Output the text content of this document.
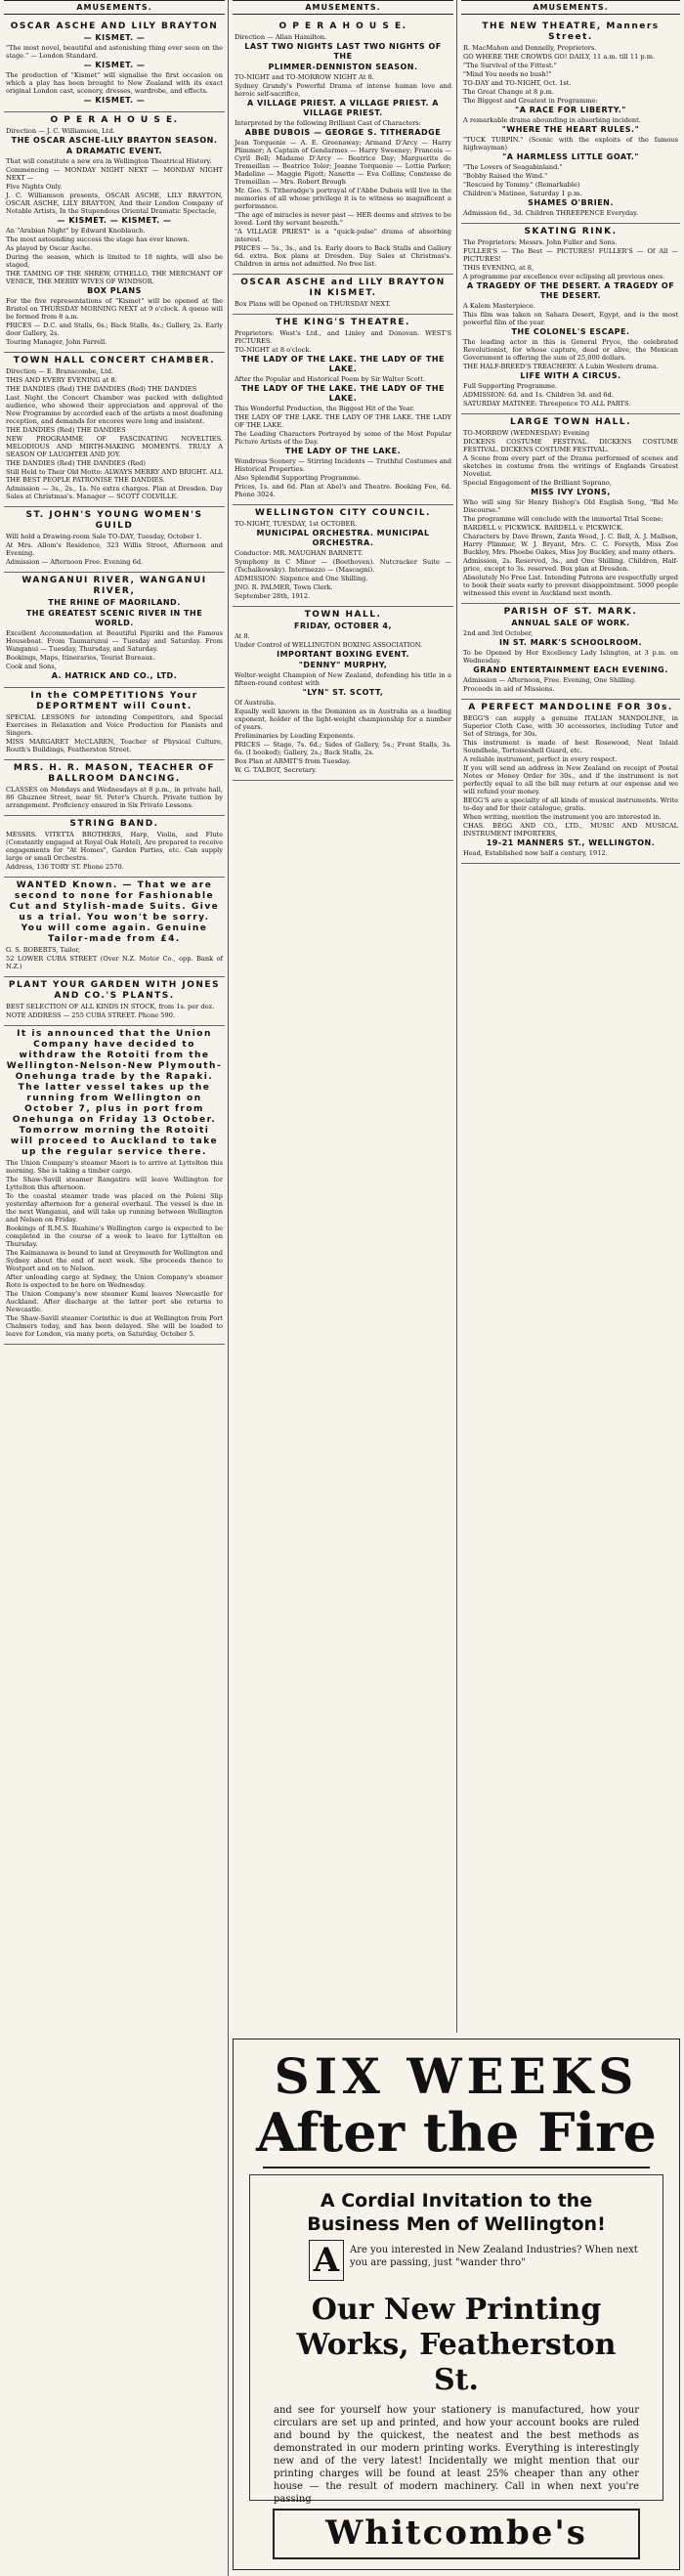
AMUSEMENTS.

OSCAR ASCHE AND LILY BRAYTON

— KISMET. —

"The most novel, beautiful and astonishing thing ever seen on the stage." — London Standard.

— KISMET. —

The production of "Kismet" will signalise the first occasion on which a play has been brought to New Zealand with its exact original London cast, scenery, dresses, wardrobe, and effects.

— KISMET. —

O P E R A H O U S E.

Direction — J. C. Williamson, Ltd.

THE OSCAR ASCHE-LILY BRAYTON SEASON.

A DRAMATIC EVENT.

That will constitute a new era in Wellington Theatrical History.

Commencing — MONDAY NIGHT NEXT — MONDAY NIGHT NEXT —

Five Nights Only.

J. C. Williamson presents, OSCAR ASCHE, LILY BRAYTON, OSCAR ASCHE, LILY BRAYTON, And their London Company of Notable Artists, In the Stupendous Oriental Dramatic Spectacle,

— KISMET. — KISMET. —

An "Arabian Night" by Edward Knoblauch.

The most astounding success the stage has ever known.

As played by Oscar Asche.

During the season, which is limited to 18 nights, will also be staged,

THE TAMING OF THE SHREW, OTHELLO, THE MERCHANT OF VENICE, THE MERRY WIVES OF WINDSOR.

BOX PLANS

For the five representations of "Kismet" will be opened at the Bristol on THURSDAY MORNING NEXT at 9 o'clock. A queue will be formed from 8 a.m.

PRICES — D.C. and Stalls, 6s.; Back Stalls, 4s.; Gallery, 2s. Early door Gallery, 2s.

Touring Manager, John Farrell.

TOWN HALL CONCERT CHAMBER.

Direction — E. Branscombe, Ltd.

THIS AND EVERY EVENING at 8.

THE DANDIES (Red) THE DANDIES (Red) THE DANDIES

Last Night the Concert Chamber was packed with delighted audience, who showed their appreciation and approval of the New Programme by accorded each of the artists a most deafening reception, and demands for encores were long and insistent.

THE DANDIES (Red) THE DANDIES

NEW PROGRAMME OF FASCINATING NOVELTIES. MELODIOUS AND MIRTH-MAKING MOMENTS. TRULY A SEASON OF LAUGHTER AND JOY.

THE DANDIES (Red) THE DANDIES (Red)

Still Held to Their Old Motto: ALWAYS MERRY AND BRIGHT. ALL THE BEST PEOPLE PATRONISE THE DANDIES.

Admission — 3s., 2s., 1s. No extra charges. Plan at Dresden. Day Sales at Christmas's. Manager — SCOTT COLVILLE.

ST. JOHN'S YOUNG WOMEN'S GUILD

Will hold a Drawing-room Sale TO-DAY, Tuesday, October 1.

At Mrs. Allom's Residence, 323 Willis Street, Afternoon and Evening.

Admission — Afternoon Free. Evening 6d.

WANGANUI RIVER, WANGANUI RIVER,

THE RHINE OF MAORILAND.

THE GREATEST SCENIC RIVER IN THE WORLD.

Excellent Accommodation at Beautiful Pipiriki and the Famous Houseboat. From Taumarunui — Tuesday and Saturday. From Wanganui — Tuesday, Thursday, and Saturday.

Bookings, Maps, Itineraries, Tourist Bureaux.

Cook and Sons,

A. HATRICK AND CO., LTD.

In the COMPETITIONS Your DEPORTMENT will Count.

SPECIAL LESSONS for intending Competitors, and Special Exercises in Relaxation and Voice Production for Pianists and Singers.

MISS MARGARET McCLAREN, Teacher of Physical Culture, Routh's Buildings, Featherston Street.

MRS. H. R. MASON, TEACHER OF BALLROOM DANCING.

CLASSES on Mondays and Wednesdays at 8 p.m., in private hall, 86 Ghuznee Street, near St. Peter's Church. Private tuition by arrangement. Proficiency ensured in Six Private Lessons.

STRING BAND.

MESSRS. VITETTA BROTHERS, Harp, Violin, and Flute (Constantly engaged at Royal Oak Hotel), Are prepared to receive engagements for "At Homes", Garden Parties, etc. Can supply large or small Orchestra.

Address, 136 TORY ST. Phone 2570.

WANTED Known. — That we are second to none for Fashionable Cut and Stylish-made Suits. Give us a trial. You won't be sorry. You will come again. Genuine Tailor-made from £4.

G. S. ROBERTS, Tailor,

52 LOWER CUBA STREET (Over N.Z. Motor Co., opp. Bank of N.Z.)

PLANT YOUR GARDEN WITH JONES AND CO.'S PLANTS.

BEST SELECTION OF ALL KINDS IN STOCK, from 1s. per doz.

NOTE ADDRESS — 255 CUBA STREET. Phone 590.

It is announced that the Union Company have decided to withdraw the Rotoiti from the Wellington-Nelson-New Plymouth-Onehunga trade by the Rapaki. The latter vessel takes up the running from Wellington on October 7, plus in port from Onehunga on Friday 13 October. Tomorrow morning the Rotoiti will proceed to Auckland to take up the regular service there.

The Union Company's steamer Maori is to arrive at Lyttelton this morning. She is taking a timber cargo.

The Shaw-Savill steamer Rangatira will leave Wellington for Lyttelton this afternoon.

To the coastal steamer trade was placed on the Poleni Slip yesterday afternoon for a general overhaul. The vessel is due in the next Wanganui, and will take up running between Wellington and Nelson on Friday.

Bookings of R.M.S. Ruahine's Wellington cargo is expected to be completed in the course of a week to leave for Lyttelton on Thursday.

The Kaimanawa is bound to land at Greymouth for Wellington and Sydney about the end of next week. She proceeds thence to Westport and on to Nelson.

After unloading cargo at Sydney, the Union Company's steamer Roto is expected to be here on Wednesday.

The Union Company's new steamer Kumi leaves Newcastle for Auckland. After discharge at the latter port she returns to Newcastle.

The Shaw-Savill steamer Corinthic is due at Wellington from Port Chalmers today, and has been delayed. She will be loaded to leave for London, via many ports, on Saturday, October 5.

AMUSEMENTS.

O P E R A H O U S E.

Direction — Allan Hamilton.

LAST TWO NIGHTS LAST TWO NIGHTS OF THE

PLIMMER-DENNISTON SEASON.

TO-NIGHT and TO-MORROW NIGHT At 8.

Sydney Grundy's Powerful Drama of intense human love and heroic self-sacrifice,

A VILLAGE PRIEST. A VILLAGE PRIEST. A VILLAGE PRIEST.

Interpreted by the following Brilliant Cast of Characters:

ABBE DUBOIS — GEORGE S. TITHERADGE

Jean Torquenie — A. E. Greenaway; Armand D'Arcy — Harry Plimmer; A Captain of Gendarmes — Harry Sweeney; Francois — Cyril Bell; Madame D'Arcy — Beatrice Day; Marguerite de Tremeillan — Beatrice Toler; Jeanne Torquenie — Lottie Parker; Madeline — Maggie Pigott; Nanette — Eva Collins; Comtesse de Tremeillan — Mrs. Robert Brough

Mr. Geo. S. Titheradge's portrayal of l'Abbe Dubois will live in the memories of all whose privilege it is to witness so magnificent a performance.

"The age of miracles is never past — HER deems and strives to be loved. Lord thy servant heareth."

"A VILLAGE PRIEST" is a "quick-pulse" drama of absorbing interest.

PRICES — 5s., 3s., and 1s. Early doors to Back Stalls and Gallery 6d. extra. Box plans at Dresden. Day Sales at Christmas's. Children in arms not admitted. No free list.

OSCAR ASCHE and LILY BRAYTON IN KISMET.

Box Plans will be Opened on THURSDAY NEXT.

THE KING'S THEATRE.

Proprietors: West's Ltd., and Linley and Donovan. WEST'S PICTURES.

TO-NIGHT at 8 o'clock.

THE LADY OF THE LAKE. THE LADY OF THE LAKE.

After the Popular and Historical Poem by Sir Walter Scott.

THE LADY OF THE LAKE. THE LADY OF THE LAKE.

This Wonderful Production, the Biggest Hit of the Year.

THE LADY OF THE LAKE. THE LADY OF THE LAKE. THE LADY OF THE LAKE.

The Leading Characters Portrayed by some of the Most Popular Picture Artists of the Day.

THE LADY OF THE LAKE.

Wondrous Scenery — Stirring Incidents — Truthful Costumes and Historical Properties.

Also Splendid Supporting Programme.

Prices, 1s. and 6d. Plan at Abel's and Theatre. Booking Fee, 6d. Phone 3024.

WELLINGTON CITY COUNCIL.

TO-NIGHT, TUESDAY, 1st OCTOBER.

MUNICIPAL ORCHESTRA. MUNICIPAL ORCHESTRA.

Conductor: MR. MAUGHAN BARNETT.

Symphony in C Minor — (Beethoven). Nutcracker Suite — (Tschaikowsky). Intermezzo — (Mascagni).

ADMISSION: Sixpence and One Shilling.

JNO. R. PALMER, Town Clerk.

September 28th, 1912.

TOWN HALL.

FRIDAY, OCTOBER 4,

At 8.

Under Control of WELLINGTON BOXING ASSOCIATION.

IMPORTANT BOXING EVENT.

"DENNY" MURPHY,

Welter-weight Champion of New Zealand, defending his title in a fifteen-round contest with

"LYN" ST. SCOTT,

Of Australia.

Equally well known in the Dominion as in Australia as a leading exponent, holder of the light-weight championship for a number of years.

Preliminaries by Leading Exponents.

PRICES — Stage, 7s. 6d.; Sides of Gallery, 5s.; Front Stalls, 3s. 6s. (I booked); Gallery, 2s.; Back Stalls, 2s.

Box Plan at ARMIT'S from Tuesday.

W. G. TALBOT, Secretary.

AMUSEMENTS.

THE NEW THEATRE, Manners Street.

R. MacMahon and Donnelly, Proprietors.

GO WHERE THE CROWDS GO! DAILY, 11 a.m. till 11 p.m.

"The Survival of the Fittest."

"Mind You needs no bush!"

TO-DAY and TO-NIGHT, Oct. 1st.

The Great Change at 8 p.m.

The Biggest and Greatest in Programme:

"A RACE FOR LIBERTY."

A remarkable drama abounding in absorbing incident.

"WHERE THE HEART RULES."

"TUCK TURPIN." (Scenic with the exploits of the famous highwayman)

"A HARMLESS LITTLE GOAT."

"The Lovers of Seagabinland."

"Bobby Raised the Wind."

"Rescued by Tommy." (Remarkable)

Children's Matinee, Saturday 1 p.m.

SHAMES O'BRIEN.

Admission 6d., 3d. Children THREEPENCE Everyday.

SKATING RINK.

The Proprietors: Messrs. John Fuller and Sons.

FULLER'S — The Best — PICTURES! FULLER'S — Of All — PICTURES!

THIS EVENING, at 8,

A programme par excellence ever eclipsing all previous ones.

A TRAGEDY OF THE DESERT. A TRAGEDY OF THE DESERT.

A Kalem Masterpiece.

This film was taken on Sahara Desert, Egypt, and is the most powerful film of the year.

THE COLONEL'S ESCAPE.

The leading actor in this is General Pryce, the celebrated Revolutionist, for whose capture, dead or alive, the Mexican Government is offering the sum of 25,000 dollars.

THE HALF-BREED'S TREACHERY. A Lubin Western drama.

LIFE WITH A CIRCUS.

Full Supporting Programme.

ADMISSION: 6d. and 1s. Children 3d. and 6d.

SATURDAY MATINEE: Threepence TO ALL PARTS.

LARGE TOWN HALL.

TO-MORROW (WEDNESDAY) Evening

DICKENS COSTUME FESTIVAL. DICKENS COSTUME FESTIVAL. DICKENS COSTUME FESTIVAL.

A Scene from every part of the Drama performed of scenes and sketches in costume from the writings of Englands Greatest Novelist.

Special Engagement of the Brilliant Soprano,

MISS IVY LYONS,

Who will sing Sir Henry Bishop's Old English Song, "Bid Me Discourse."

The programme will conclude with the immortal Trial Scene:

BARDELL v. PICKWICK. BARDELL v. PICKWICK.

Characters by Dave Brown, Zanta Wood, J. C. Bell, A. J. Mallson, Harry Plimmer, W. J. Bryant, Mrs. C. C. Forsyth, Miss Zoe Buckley, Mrs. Phoebe Oakes, Miss Joy Buckley, and many others.

Admission, 2s. Reserved, 3s., and One Shilling. Children, Half-price, except to 3s. reserved. Box plan at Dresden.

Absolutely No Free List. Intending Patrons are respectfully urged to book their seats early to prevent disappointment. 5000 people witnessed this event in Auckland next month.

PARISH OF ST. MARK.

ANNUAL SALE OF WORK.

2nd and 3rd October,

IN ST. MARK'S SCHOOLROOM.

To be Opened by Her Excellency Lady Islington, at 3 p.m. on Wednesday.

GRAND ENTERTAINMENT EACH EVENING.

Admission — Afternoon, Free. Evening, One Shilling.

Proceeds in aid of Missions.

A PERFECT MANDOLINE FOR 30s.

BEGG'S can supply a genuine ITALIAN MANDOLINE, in Superior Cloth Case, with 30 accessories, including Tutor and Set of Strings, for 30s.

This instrument is made of best Rosewood, Neat Inlaid Soundhole, Tortoiseshell Guard, etc.

A reliable instrument, perfect in every respect.

If you will send an address in New Zealand on receipt of Postal Notes or Money Order for 30s., and if the instrument is not perfectly equal to all the bill may return at our expense and we will refund your money.

BEGG'S are a specialty of all kinds of musical instruments. Write to-day and for their catalogue, gratis.

When writing, mention the instrument you are interested in.

CHAS. BEGG AND CO., LTD., MUSIC AND MUSICAL INSTRUMENT IMPORTERS,

19-21 MANNERS ST., WELLINGTON.

Head, Established now half a century, 1912.

SIX WEEKS
After the Fire
A Cordial Invitation to the Business Men of Wellington!
A	Are you interested in New Zealand Industries? When next you are passing, just "wander thro"
Our New Printing Works, Featherston St.
and see for yourself how your stationery is manufactured, how your circulars are set up and printed, and how your account books are ruled and bound by the quickest, the neatest and the best methods as demonstrated in our modern printing works. Everything is interestingly new and of the very latest! Incidentally we might mention that our printing charges will be found at least 25% cheaper than any other house — the result of modern machinery. Call in when next you're passing
Whitcombe's
